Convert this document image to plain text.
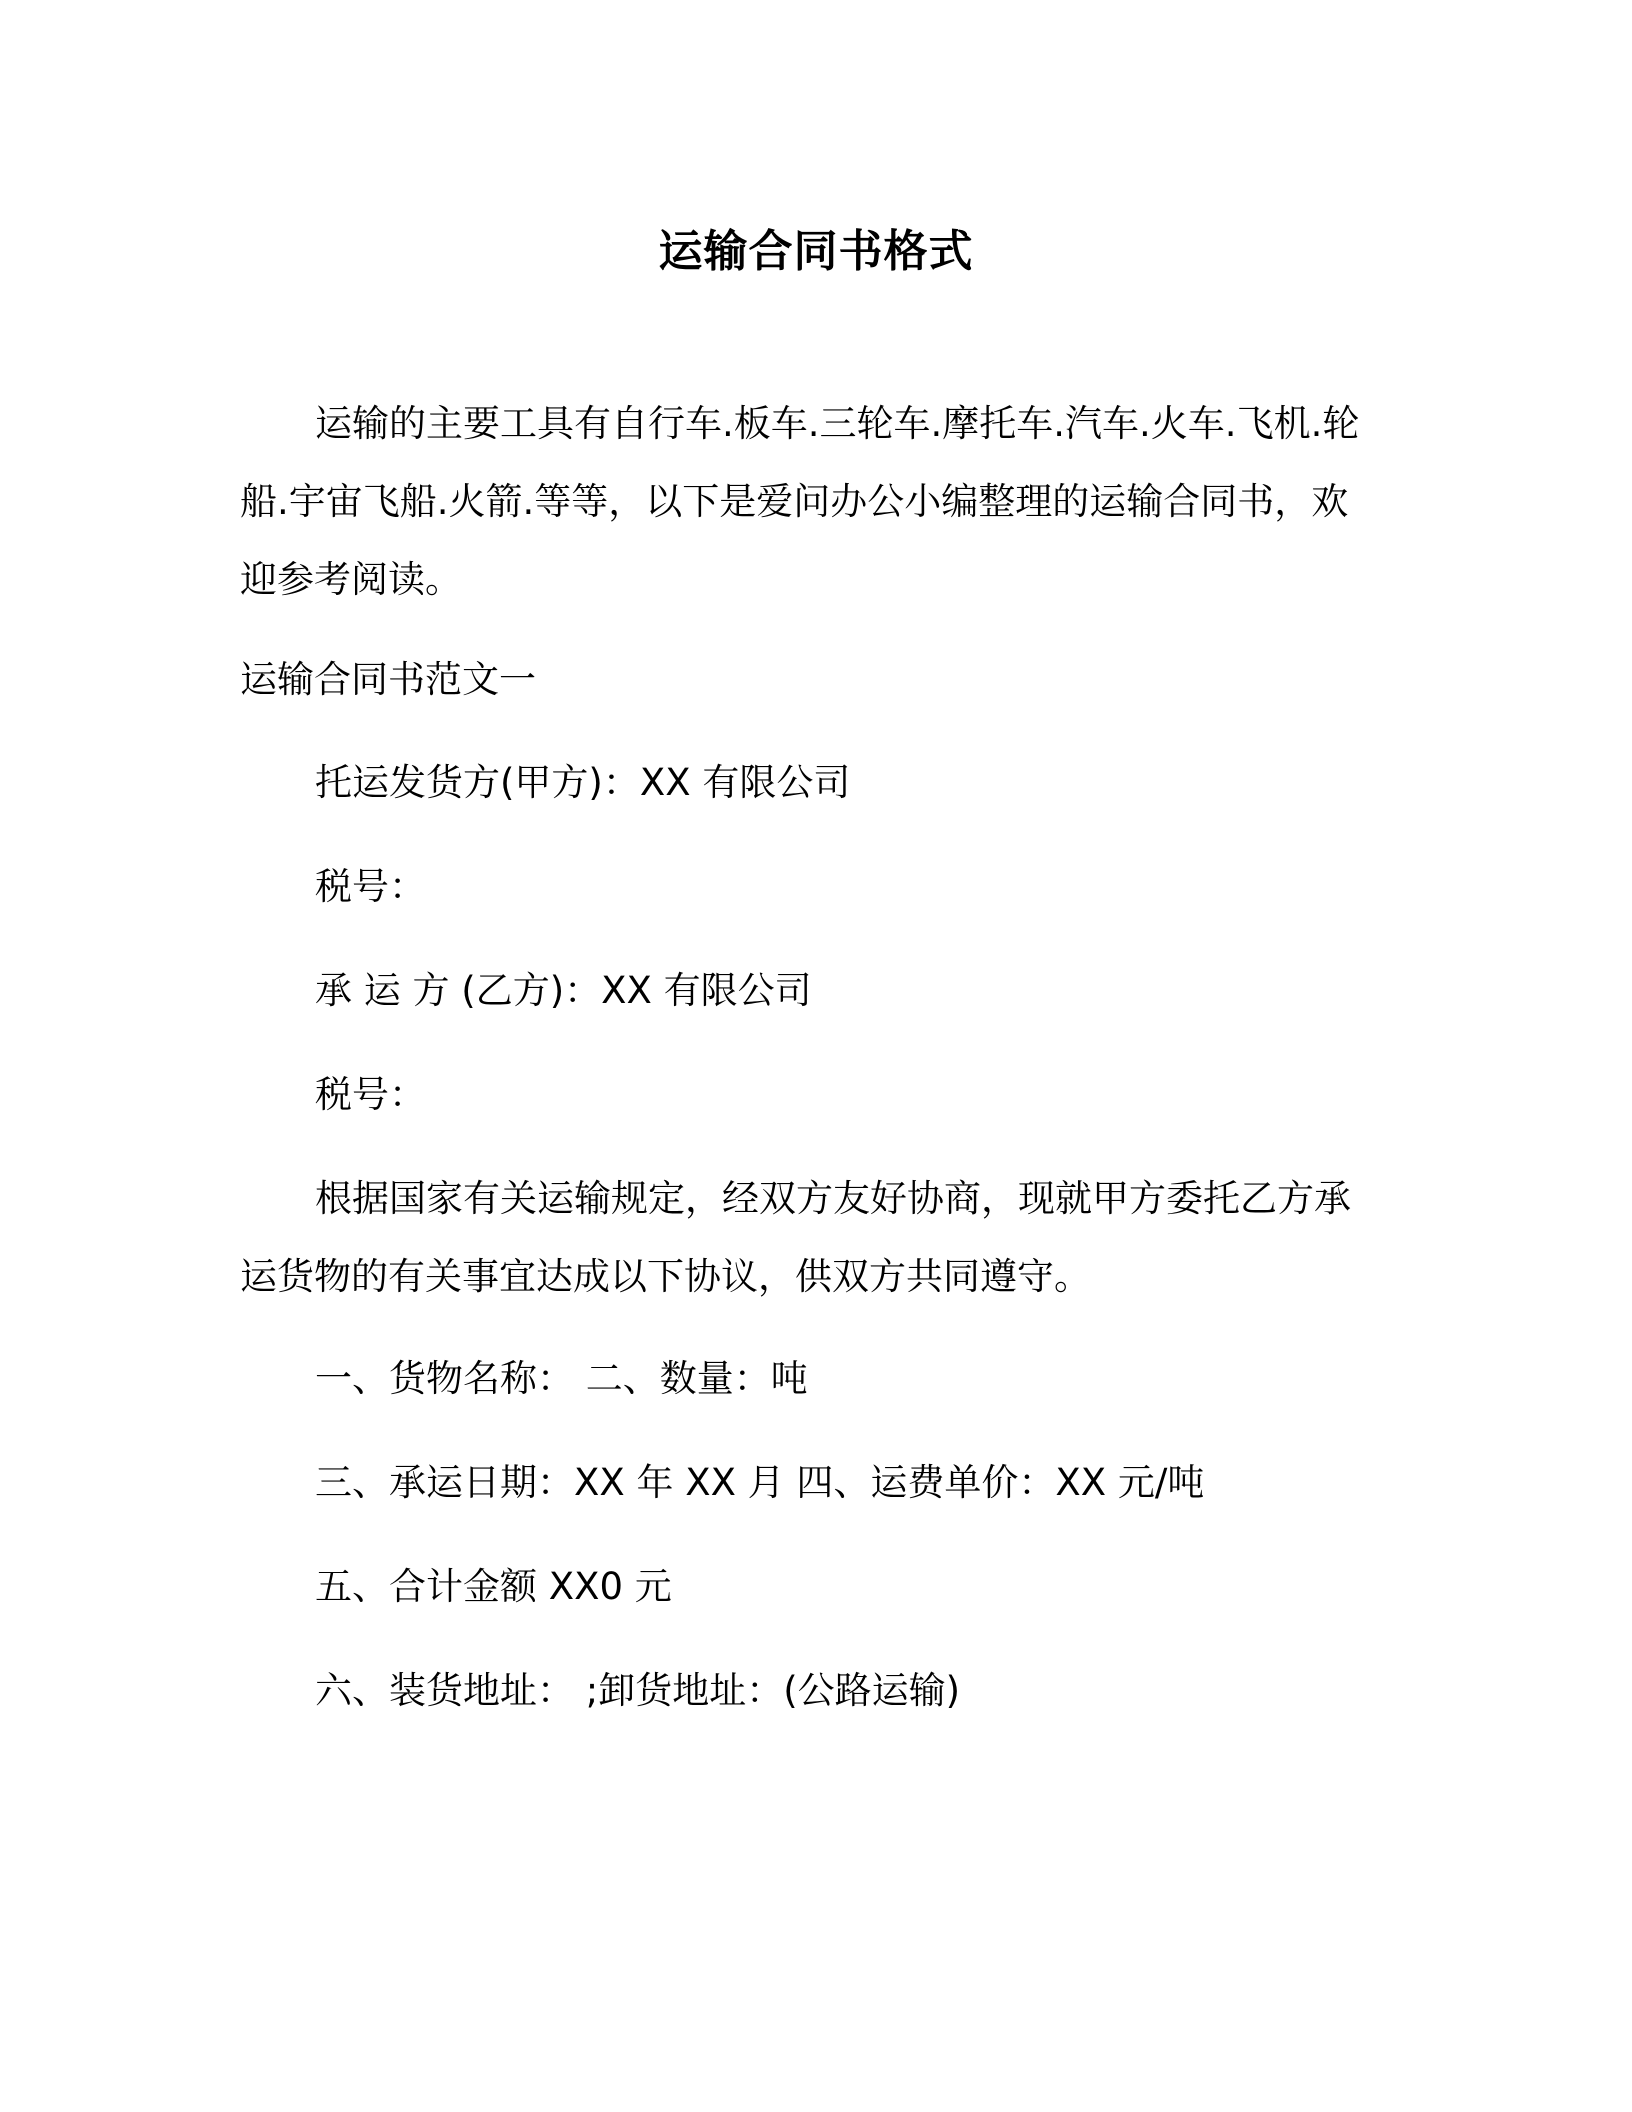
运输合同书格式
运输的主要工具有自行车.板车.三轮车.摩托车.汽车.火车.飞机.轮
船.宇宙飞船.火箭.等等，以下是爱问办公小编整理的运输合同书，欢
迎参考阅读。

运输合同书范文一

托运发货方(甲方)：XX 有限公司

税号：

承 运 方 (乙方)：XX 有限公司

税号：

根据国家有关运输规定，经双方友好协商，现就甲方委托乙方承
运货物的有关事宜达成以下协议，供双方共同遵守。

一、货物名称： 二、数量：吨

三、承运日期：XX 年 XX 月 四、运费单价：XX 元/吨

五、合计金额 XX0 元

六、装货地址： ;卸货地址：(公路运输)
